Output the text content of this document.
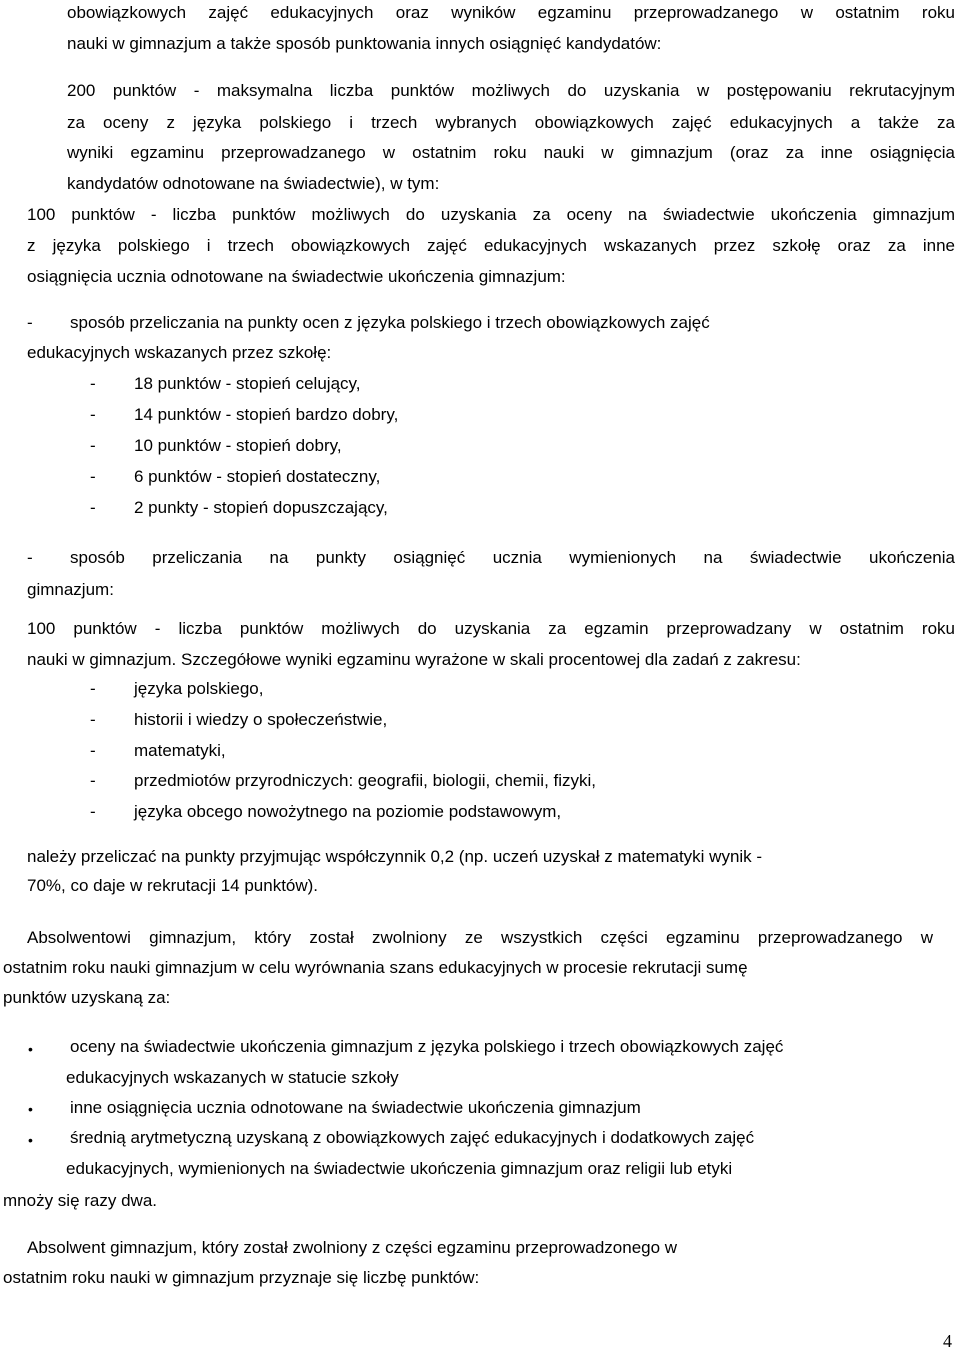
obowiązkowych zajęć edukacyjnych oraz wyników egzaminu przeprowadzanego w ostatnim roku
nauki w gimnazjum a także sposób punktowania innych osiągnięć kandydatów:
200 punktów - maksymalna liczba punktów możliwych do uzyskania w postępowaniu rekrutacyjnym
za oceny z języka polskiego i trzech wybranych obowiązkowych zajęć edukacyjnych a także za
wyniki egzaminu przeprowadzanego w ostatnim roku nauki w gimnazjum (oraz za inne osiągnięcia
kandydatów odnotowane na świadectwie), w tym:
100 punktów - liczba punktów możliwych do uzyskania za oceny na świadectwie ukończenia gimnazjum
z języka polskiego i trzech obowiązkowych zajęć edukacyjnych wskazanych przez szkołę oraz za inne
osiągnięcia ucznia odnotowane na świadectwie ukończenia gimnazjum:
- sposób przeliczania na punkty ocen z języka polskiego i trzech obowiązkowych zajęć
edukacyjnych wskazanych przez szkołę:
- 18 punktów - stopień celujący,
- 14 punktów - stopień bardzo dobry,
- 10 punktów - stopień dobry,
- 6 punktów - stopień dostateczny,
- 2 punkty - stopień dopuszczający,
- sposób przeliczania na punkty osiągnięć ucznia wymienionych na świadectwie ukończenia
gimnazjum:
100 punktów - liczba punktów możliwych do uzyskania za egzamin przeprowadzany w ostatnim roku
nauki w gimnazjum. Szczegółowe wyniki egzaminu wyrażone w skali procentowej dla zadań z zakresu:
- języka polskiego,
- historii i wiedzy o społeczeństwie,
- matematyki,
- przedmiotów przyrodniczych: geografii, biologii, chemii, fizyki,
- języka obcego nowożytnego na poziomie podstawowym,
należy przeliczać na punkty przyjmując współczynnik 0,2 (np. uczeń uzyskał z matematyki wynik -
70%, co daje w rekrutacji 14 punktów).
Absolwentowi gimnazjum, który został zwolniony ze wszystkich części egzaminu przeprowadzanego w
ostatnim roku nauki gimnazjum w celu wyrównania szans edukacyjnych w procesie rekrutacji sumę
punktów uzyskaną za:
• oceny na świadectwie ukończenia gimnazjum z języka polskiego i trzech obowiązkowych zajęć
edukacyjnych wskazanych w statucie szkoły
• inne osiągnięcia ucznia odnotowane na świadectwie ukończenia gimnazjum
• średnią arytmetyczną uzyskaną z obowiązkowych zajęć edukacyjnych i dodatkowych zajęć
edukacyjnych, wymienionych na świadectwie ukończenia gimnazjum oraz religii lub etyki
mnoży się razy dwa.
Absolwent gimnazjum, który został zwolniony z części egzaminu przeprowadzonego w
ostatnim roku nauki w gimnazjum przyznaje się liczbę punktów:
4
